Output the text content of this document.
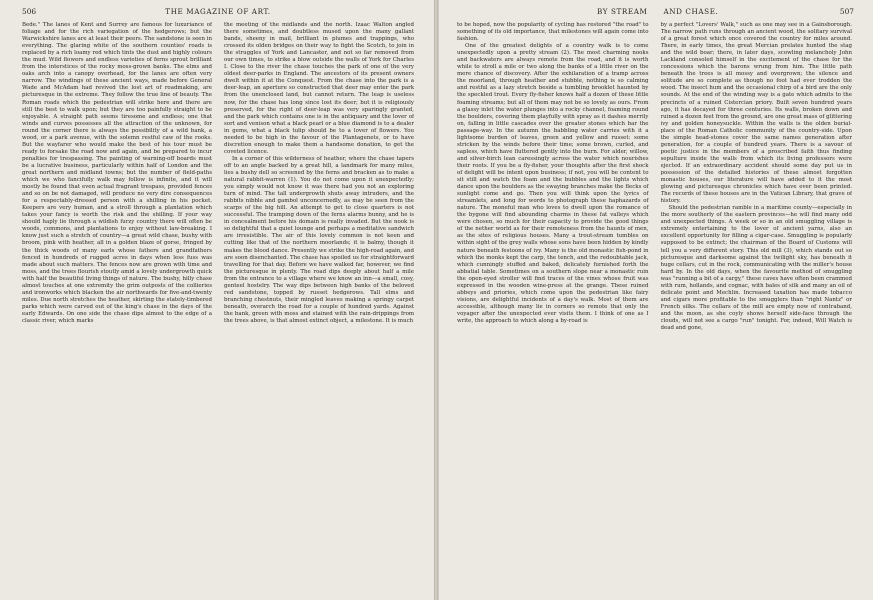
506	THE MAGAZINE OF ART.

Bede." The lanes of Kent and Surrey are famous for luxuriance of foliage and for the rich variegation of the hedgerows; but the Warwickshire lanes are at least their peers. The sandstone is seen in everything. The glaring white of the southern counties' roads is replaced by a rich loamy red which tints the dust and highly colours the mud. Wild flowers and endless varieties of ferns sprout brilliant from the interstices of the rocky moss-grown banks. The elms and oaks arch into a canopy overhead, for the lanes are often very narrow. The windings of these ancient ways, made before General Wade and McAdam had revived the lost art of roadmaking, are picturesque in the extreme. They follow the true line of beauty. The Roman roads which the pedestrian will strike here and there are still the best to walk upon; but they are too painfully straight to be enjoyable. A straight path seems tiresome and endless; one that winds and curves possesses all the attraction of the unknown, for round the corner there is always the possibility of a wild bank, a wood, or a park avenue, with the solemn restful caw of the rooks. But the wayfarer who would make the best of his tour must be ready to forsake the road now and again, and be prepared to incur penalties for trespassing. The painting of warning-off boards must be a lucrative business, particularly within half of London and the great northern and midland towns; but the number of field-paths which we who fancifully walk may follow is infinite, and it will mostly be found that even actual fragrant trespass, provided fences and so on be not damaged, will produce no very dire consequences for a respectably-dressed person with a shilling in his pocket. Keepers are very human, and a stroll through a plantation which takes your fancy is worth the risk and the shilling. If your way should haply lie through a wildish furzy country there will often be woods, commons, and plantations to enjoy without law-breaking. I know just such a stretch of country—a great wild chase, bushy with broom, pink with heather, all in a golden blaze of gorse, fringed by the thick woods of many earls whose fathers and grandfathers fenced in hundreds of rugged acres in days when less fuss was made about such matters. The fences now are grown with time and moss, and the trees flourish stoutly amid a lovely undergrowth quick with half the beautiful living things of nature. The bushy, hilly chase almost touches at one extremity the grim outposts of the collieries and ironworks which blacken the air northwards for five-and-twenty miles. Due north stretches the heather, skirting the stately-timbered parks which were carved out of the king's chase in the days of the early Edwards. On one side the chase dips almost to the edge of a classic river, which marks

the meeting of the midlands and the north. Izaac Walton angled there sometimes, and doubtless mused upon the many gallant bands, sheeny in mail, brilliant in plumes and trappings, who crossed its olden bridges on their way to fight the Scotch, to join in the struggles of York and Lancaster, and not so far removed from our own times, to strike a blow outside the walls of York for Charles I. Close to the river the chase touches the park of one of the very oldest deer-parks in England. The ancestors of its present owners dwelt within it at the Conquest. From the chase into the park is a deer-leap, an aperture so constructed that deer may enter the park from the unenclosed land, but cannot return. The leap is useless now, for the chase has long since lost its deer; but it is religiously preserved, for the right of deer-leap was very sparingly granted, and the park which contains one is in the antiquary and the lover of sort and venison what a black pearl or a blue diamond is to a dealer in gems, what a black tulip should be to a lover of flowers. You needed to be high in the favour of the Plantagenets, or to have discretion enough to make them a handsome donation, to get the coveted licence.

In a corner of this wilderness of heather, where the chase tapers off to an angle backed by a great hill, a landmark for many miles, lies a bushy dell so screened by the ferns and bracken as to make a natural rabbit-warren (1). You do not come upon it unexpectedly; you simply would not know it was there had you not an exploring turn of mind. The tall undergrowth shuts away intruders, and the rabbits nibble and gambol unconcernedly, as may be seen from the scarps of the big hill. An attempt to get to close quarters is not successful. The tramping down of the ferns alarms bunny, and he is in concealment before his domain is really invaded. But the nook is so delightful that a quiet lounge and perhaps a meditative sandwich are irresistible. The air of this lovely common is not keen and cutting like that of the northern moorlands; it is balmy, though it makes the blood dance. Presently we strike the high-road again, and are soon disenchanted. The chase has spoiled us for straightforward travelling for that day. Before we have walked far, however, we find the picturesque in plenty. The road dips deeply about half a mile from the entrance to a village where we know an inn—a small, cosy, genteel hostelry. The way dips between high banks of the beloved red sandstone, topped by russet hedgerows. Tall elms and branching chestnuts, their mingled leaves making a springy carpet beneath, overarch the road for a couple of hundred yards. Against the bank, green with moss and stained with the rain-drippings from the trees above, is that almost extinct object, a milestone. It is much

BY STREAM	AND CHASE.	507

to be hoped, now the popularity of cycling has restored "the road" to something of its old importance, that milestones will again come into fashion.

One of the greatest delights of a country walk is to come unexpectedly upon a pretty stream (2). The most charming nooks and backwaters are always remote from the road, and it is worth while to stroll a mile or two along the banks of a little river on the mere chance of discovery. After the exhilaration of a tramp across the moorland, through heather and stubble, nothing is so calming and restful as a lazy stretch beside a tumbling brooklet haunted by the speckled trout. Every fly-fisher knows half a dozen of these little foaming streams; but all of them may not be so lovely as ours. From a glassy inlet the water plunges into a rocky channel, foaming round the boulders, covering them playfully with spray as it dashes merrily on, falling in little cascades over the greater stones which bar the passage-way. In the autumn the babbling water carries with it a lightsome burden of leaves, green and yellow and russet: some stricken by the winds before their time; some brown, curled, and sapless, which have fluttered gently into the burn. For alder, willow, and silver-birch lean caressingly across the water which nourishes their roots. If you be a fly-fisher, your thoughts after the first shock of delight will be intent upon business; if not, you will be content to sit still and watch the foam and the bubbles and the lights which dance upon the boulders as the swaying branches make the flecks of sunlight come and go. Then you will think upon the lyrics of streamlets, and long for words to photograph these haphazards of nature. The moneful man who loves to dwell upon the romance of the bygone will find abounding charms in these fat valleys which were chosen, so much for their capacity to provide the good things of the nether world as for their remoteness from the haunts of men, as the sites of religious houses. Many a trout-stream tumbles on within sight of the grey walls whose sons have been hidden by kindly nature beneath festoons of ivy. Many is the old monastic fish-pond in which the monks kept the carp, the tench, and the redoubtable jack, which cunningly stuffed and baked, delicately furnished forth the abbatial table. Sometimes on a southern slope near a monastic ruin the open-eyed stroller will find traces of the vines whose fruit was expressed in the wooden wine-press at the grange. These ruined abbeys and priories, which come upon the pedestrian like fairy visions, are delightful incidents of a day's walk. Most of them are accessible, although many lie in corners so remote that only the voyager after the unexpected ever visits them. I think of one as I write, the approach to which along a by-road is

by a perfect "Lovers' Walk," such as one may see in a Gainsborough. The narrow path runs through an ancient wood, the solitary survival of a great forest which once covered the country for miles around. There, in early times, the great Mercian prelates hunted the stag and the wild boar; there, in later days, scowling melancholy John Lackland consoled himself in the excitement of the chase for the concessions which the barons wrung from him. The little path beneath the trees is all mossy and overgrown; the silence and solitude are so complete as though no foot had ever trodden the wood. The insect hum and the occasional chirp of a bird are the only sounds. At the end of the winding way is a gate which admits to the precincts of a ruined Cistercian priory. Built seven hundred years ago, it has decayed for three centuries. Its walls, broken down and ruined a dozen feet from the ground, are one great mass of glittering ivy and golden honeysuckle. Within the walls is the olden burial-place of the Roman Catholic community of the country-side. Upon the simple head-stones cover the same names generation after generation, for a couple of hundred years. There is a savour of poetic justice in the members of a proscribed faith thus finding sepulture inside the walls from which its living professors were ejected. If an extraordinary accident should some day put us in possession of the detailed histories of these almost forgotten monastic houses, our literature will have added to it the most glowing and picturesque chronicles which have ever been printed. The records of these houses are in the Vatican Library, that grave of history.

Should the pedestrian ramble in a maritime county—especially in the more southerly of the eastern provinces—he will find many odd and unexpected things. A week or so in an old smuggling village is extremely entertaining to the lover of ancient yarns, also an excellent opportunity for filling a cigar-case. Smuggling is popularly supposed to be extinct; the chairman of the Board of Customs will tell you a very different story. This old mill (3), which stands out so picturesque and darksome against the twilight sky, has beneath it huge cellars, cut in the rock, communicating with the miller's house hard by. In the old days, when the favourite method of smuggling was "running a bit of a cargy," these caves have often been crammed with rum, hollands, and cognac, with bales of silk and many an oil of delicate point and Mechlin. Increased taxation has made tobacco and cigars more profitable to the smugglers than "right Nantz" or French silks. The cellars of the mill are empty now of contraband, and the moon, as she coyly shows herself side-face through the clouds, will not see a cargo "run" tonight. For, indeed, Will Watch is dead and gone,
